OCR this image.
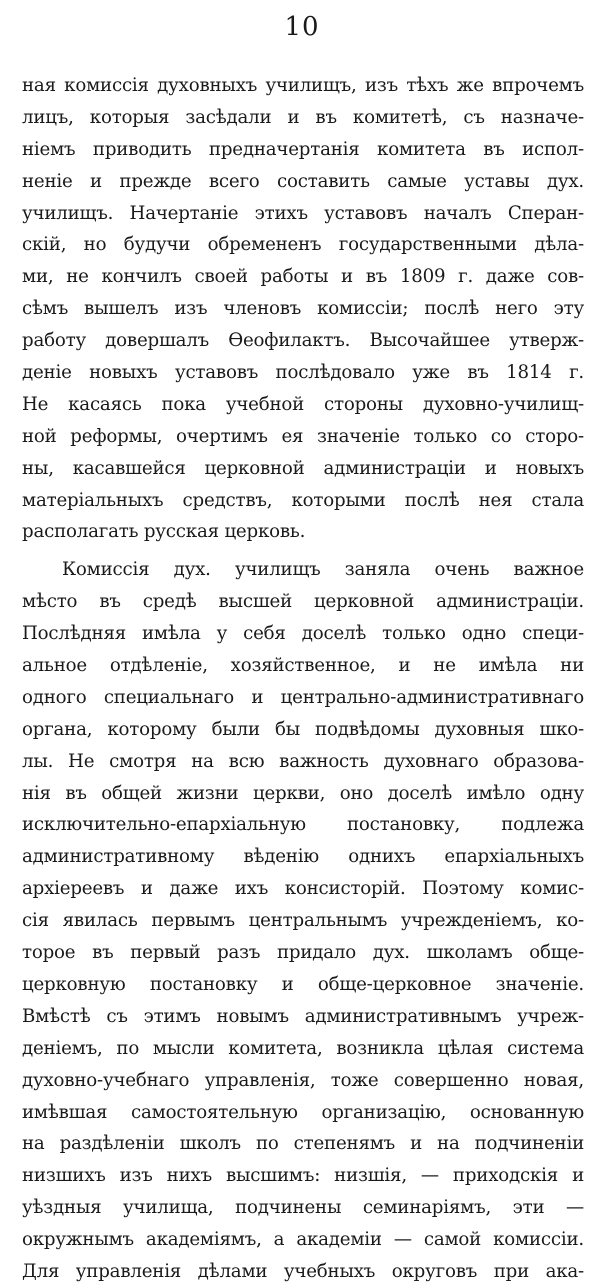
10
ная комиссія духовныхъ училищъ, изъ тѣхъ же впрочемъ
лицъ, которыя засѣдали и въ комитетѣ, съ назначе-
ніемъ приводить предначертанія комитета въ испол-
неніе и прежде всего составить самые уставы дух.
училищъ. Начертаніе этихъ уставовъ началъ Сперан-
скій, но будучи обремененъ государственными дѣла-
ми, не кончилъ своей работы и въ 1809 г. даже сов-
сѣмъ вышелъ изъ членовъ комиссіи; послѣ него эту
работу довершалъ Ѳеофилактъ. Высочайшее утверж-
деніе новыхъ уставовъ послѣдовало уже въ 1814 г.
Не касаясь пока учебной стороны духовно-училищ-
ной реформы, очертимъ ея значеніе только со сторо-
ны, касавшейся церковной администраціи и новыхъ
матеріальныхъ средствъ, которыми послѣ нея стала
располагать русская церковь.
Комиссія дух. училищъ заняла очень важное
мѣсто въ средѣ высшей церковной администраціи.
Послѣдняя имѣла у себя доселѣ только одно специ-
альное отдѣленіе, хозяйственное, и не имѣла ни
одного специальнаго и центрально-административнаго
органа, которому были бы подвѣдомы духовныя шко-
лы. Не смотря на всю важность духовнаго образова-
нія въ общей жизни церкви, оно доселѣ имѣло одну
исключительно-епархіальную постановку, подлежа
административному вѣденію однихъ епархіальныхъ
архіереевъ и даже ихъ консисторій. Поэтому комис-
сія явилась первымъ центральнымъ учрежденіемъ, ко-
торое въ первый разъ придало дух. школамъ обще-
церковную постановку и обще-церковное значеніе.
Вмѣстѣ съ этимъ новымъ административнымъ учреж-
деніемъ, по мысли комитета, возникла цѣлая система
духовно-учебнаго управленія, тоже совершенно новая,
имѣвшая самостоятельную организацію, основанную
на раздѣленіи школъ по степенямъ и на подчиненіи
низшихъ изъ нихъ высшимъ: низшія, — приходскія и
уѣздныя училища, подчинены семинаріямъ, эти —
окружнымъ академіямъ, а академіи — самой комиссіи.
Для управленія дѣлами учебныхъ округовъ при ака-
